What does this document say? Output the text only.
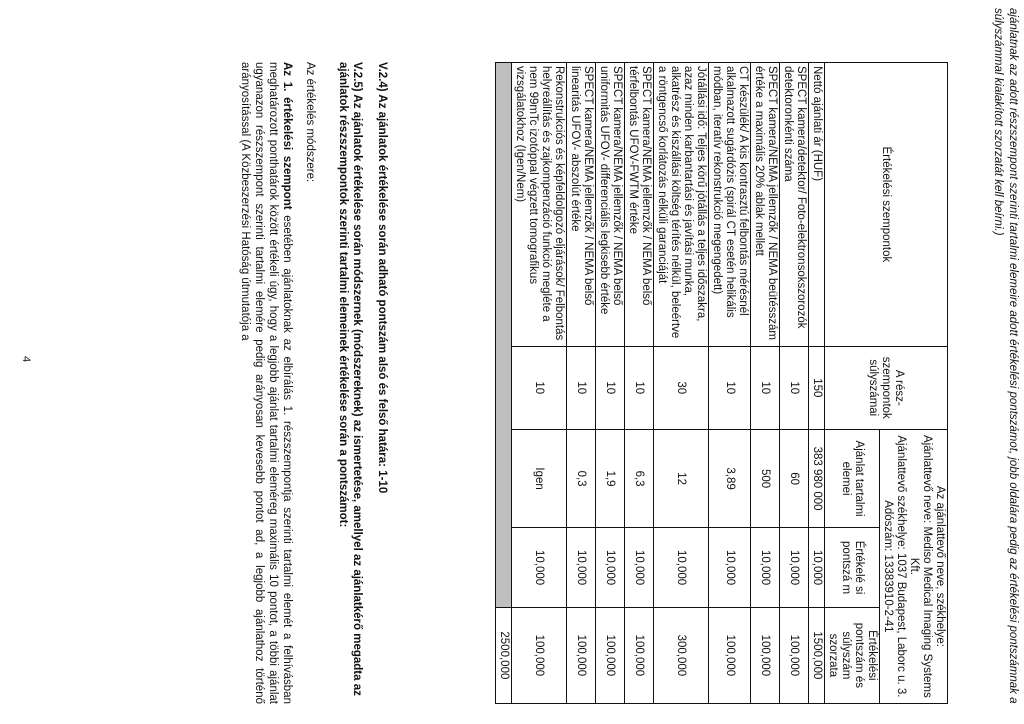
ajánlatnak az adott részszempont szerinti tartalmi elemeire adott értékelési pontszámot, jobb oldalára pedig az értékelési pontszámnak a súlyszámmal kialakított szorzatát kell beírni.)
Értékelési szempontok	A rész-szempontok súlyszámai	Az ajánlattevő neve, székhelye:
Ajánlattevő neve: Mediso Medical Imaging Systems Kft.
Ajánlattevő székhelye: 1037 Budapest, Laborc u. 3.
Adószám: 13383910-2-41		

		Ajánlat tartalmi elemei	Értékelé si pontszá m	Értékelési pontszám és súlyszám szorzata
Nettó ajánlati ár (HUF)	150	383 980 000	10,000	1500,000
SPECT kamera/detektor/ Foto-elektronsokszorozók detektoronkénti száma	10	60	10,000	100,000
SPECT kamera/NEMA jellemzők / NEMA beütésszám értéke a maximális 20% ablak mellett	10	500	10,000	100,000
CT készülék/ A kis kontrasztú felbontás mérésnél alkalmazott sugárdózis (spirál CT esetén helikális módban, iteratív rekonstrukció megengedett)	10	3,89	10,000	100,000
Jótállási idő: Teljes körű jótállás a teljes időszakra, azaz minden karbantartási és javítási munka, alkatrész és kiszállási költség térítés nélkül, beleértve a röntgencső korlátozás nélküli garanciáját	30	12	10,000	300,000
SPECT kamera/NEMA jellemzők / NEMA belső térfelbontás UFOV-FWTM értéke	10	6,3	10,000	100,000
SPECT kamera/NEMA jellemzők / NEMA belső uniformitás UFOV- differenciális legkisebb értéke	10	1,9	10,000	100,000
SPECT kamera/NEMA jellemzők / NEMA belső linearitás UFOV- abszolút értéke	10	0,3	10,000	100,000
Rekonstrukciós és képfeldolgozó eljárások/ Felbontás helyreállítás és zajkompenzáció funkció megléte a nem 99mTc izotóppal végzett tomografikus vizsgálatokhoz (Igen/Nem)	10	Igen	10,000	100,000
				2500,000
V.2.4) Az ajánlatok értékelése során adható pontszám alsó és felső határa: 1-10
V.2.5) Az ajánlatok értékelése során módszernek (módszereknek) az ismertetése, amellyel az ajánlatkérő megadta az ajánlatok részszempontok szerinti tartalmi elemeinek értékelése során a pontszámot:
Az értékelés módszere:
Az 1. értékelési szempont esetében ajánlatoknak az elbírálás 1. részszempontja szerinti tartalmi elemét a felhívásban meghatározott ponthatárok között értékeli úgy, hogy a legjobb ajánlat tartalmi eleméreg maximális 10 pontot, a többi ajánlat ugyanazon részszempont szerinti tartalmi elemére pedig arányosan kevesebb pontot ad, a legjobb ajánlathoz történő arányosítással (A Közbeszerzési Hatóság útmutatója a
4
